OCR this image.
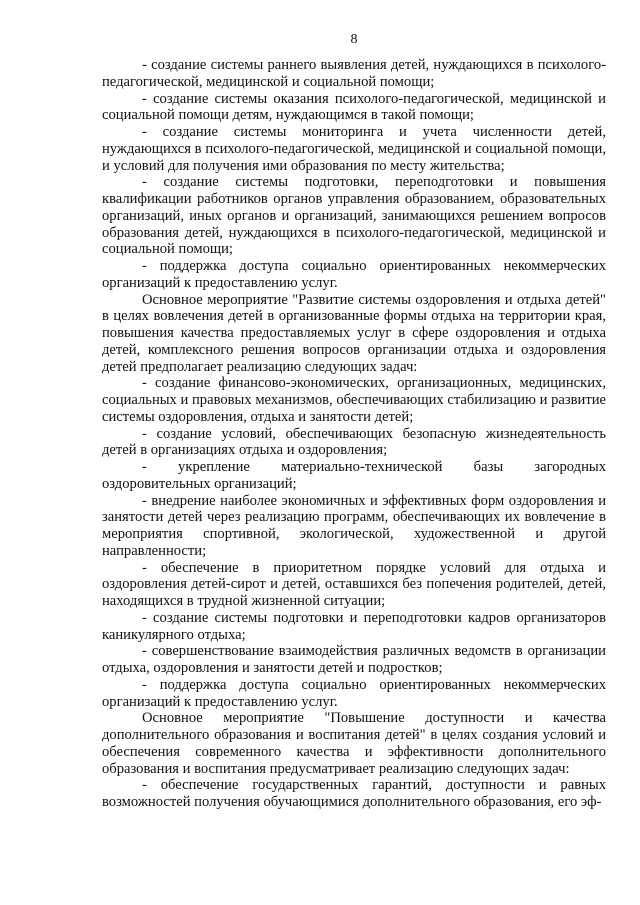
8

- создание системы раннего выявления детей, нуждающихся в психолого-педагогической, медицинской и социальной помощи;

- создание системы оказания психолого-педагогической, медицинской и социальной помощи детям, нуждающимся в такой помощи;

- создание системы мониторинга и учета численности детей, нуждающихся в психолого-педагогической, медицинской и социальной помощи, и условий для получения ими образования по месту жительства;

- создание системы подготовки, переподготовки и повышения квалификации работников органов управления образованием, образовательных организаций, иных органов и организаций, занимающихся решением вопросов образования детей, нуждающихся в психолого-педагогической, медицинской и социальной помощи;

- поддержка доступа социально ориентированных некоммерческих организаций к предоставлению услуг.

Основное мероприятие "Развитие системы оздоровления и отдыха детей" в целях вовлечения детей в организованные формы отдыха на территории края, повышения качества предоставляемых услуг в сфере оздоровления и отдыха детей, комплексного решения вопросов организации отдыха и оздоровления детей предполагает реализацию следующих задач:

- создание финансово-экономических, организационных, медицинских, социальных и правовых механизмов, обеспечивающих стабилизацию и развитие системы оздоровления, отдыха и занятости детей;

- создание условий, обеспечивающих безопасную жизнедеятельность детей в организациях отдыха и оздоровления;

- укрепление материально-технической базы загородных оздоровительных организаций;

- внедрение наиболее экономичных и эффективных форм оздоровления и занятости детей через реализацию программ, обеспечивающих их вовлечение в мероприятия спортивной, экологической, художественной и другой направленности;

- обеспечение в приоритетном порядке условий для отдыха и оздоровления детей-сирот и детей, оставшихся без попечения родителей, детей, находящихся в трудной жизненной ситуации;

- создание системы подготовки и переподготовки кадров организаторов каникулярного отдыха;

- совершенствование взаимодействия различных ведомств в организации отдыха, оздоровления и занятости детей и подростков;

- поддержка доступа социально ориентированных некоммерческих организаций к предоставлению услуг.

Основное мероприятие "Повышение доступности и качества дополнительного образования и воспитания детей" в целях создания условий и обеспечения современного качества и эффективности дополнительного образования и воспитания предусматривает реализацию следующих задач:

- обеспечение государственных гарантий, доступности и равных возможностей получения обучающимися дополнительного образования, его эф-
